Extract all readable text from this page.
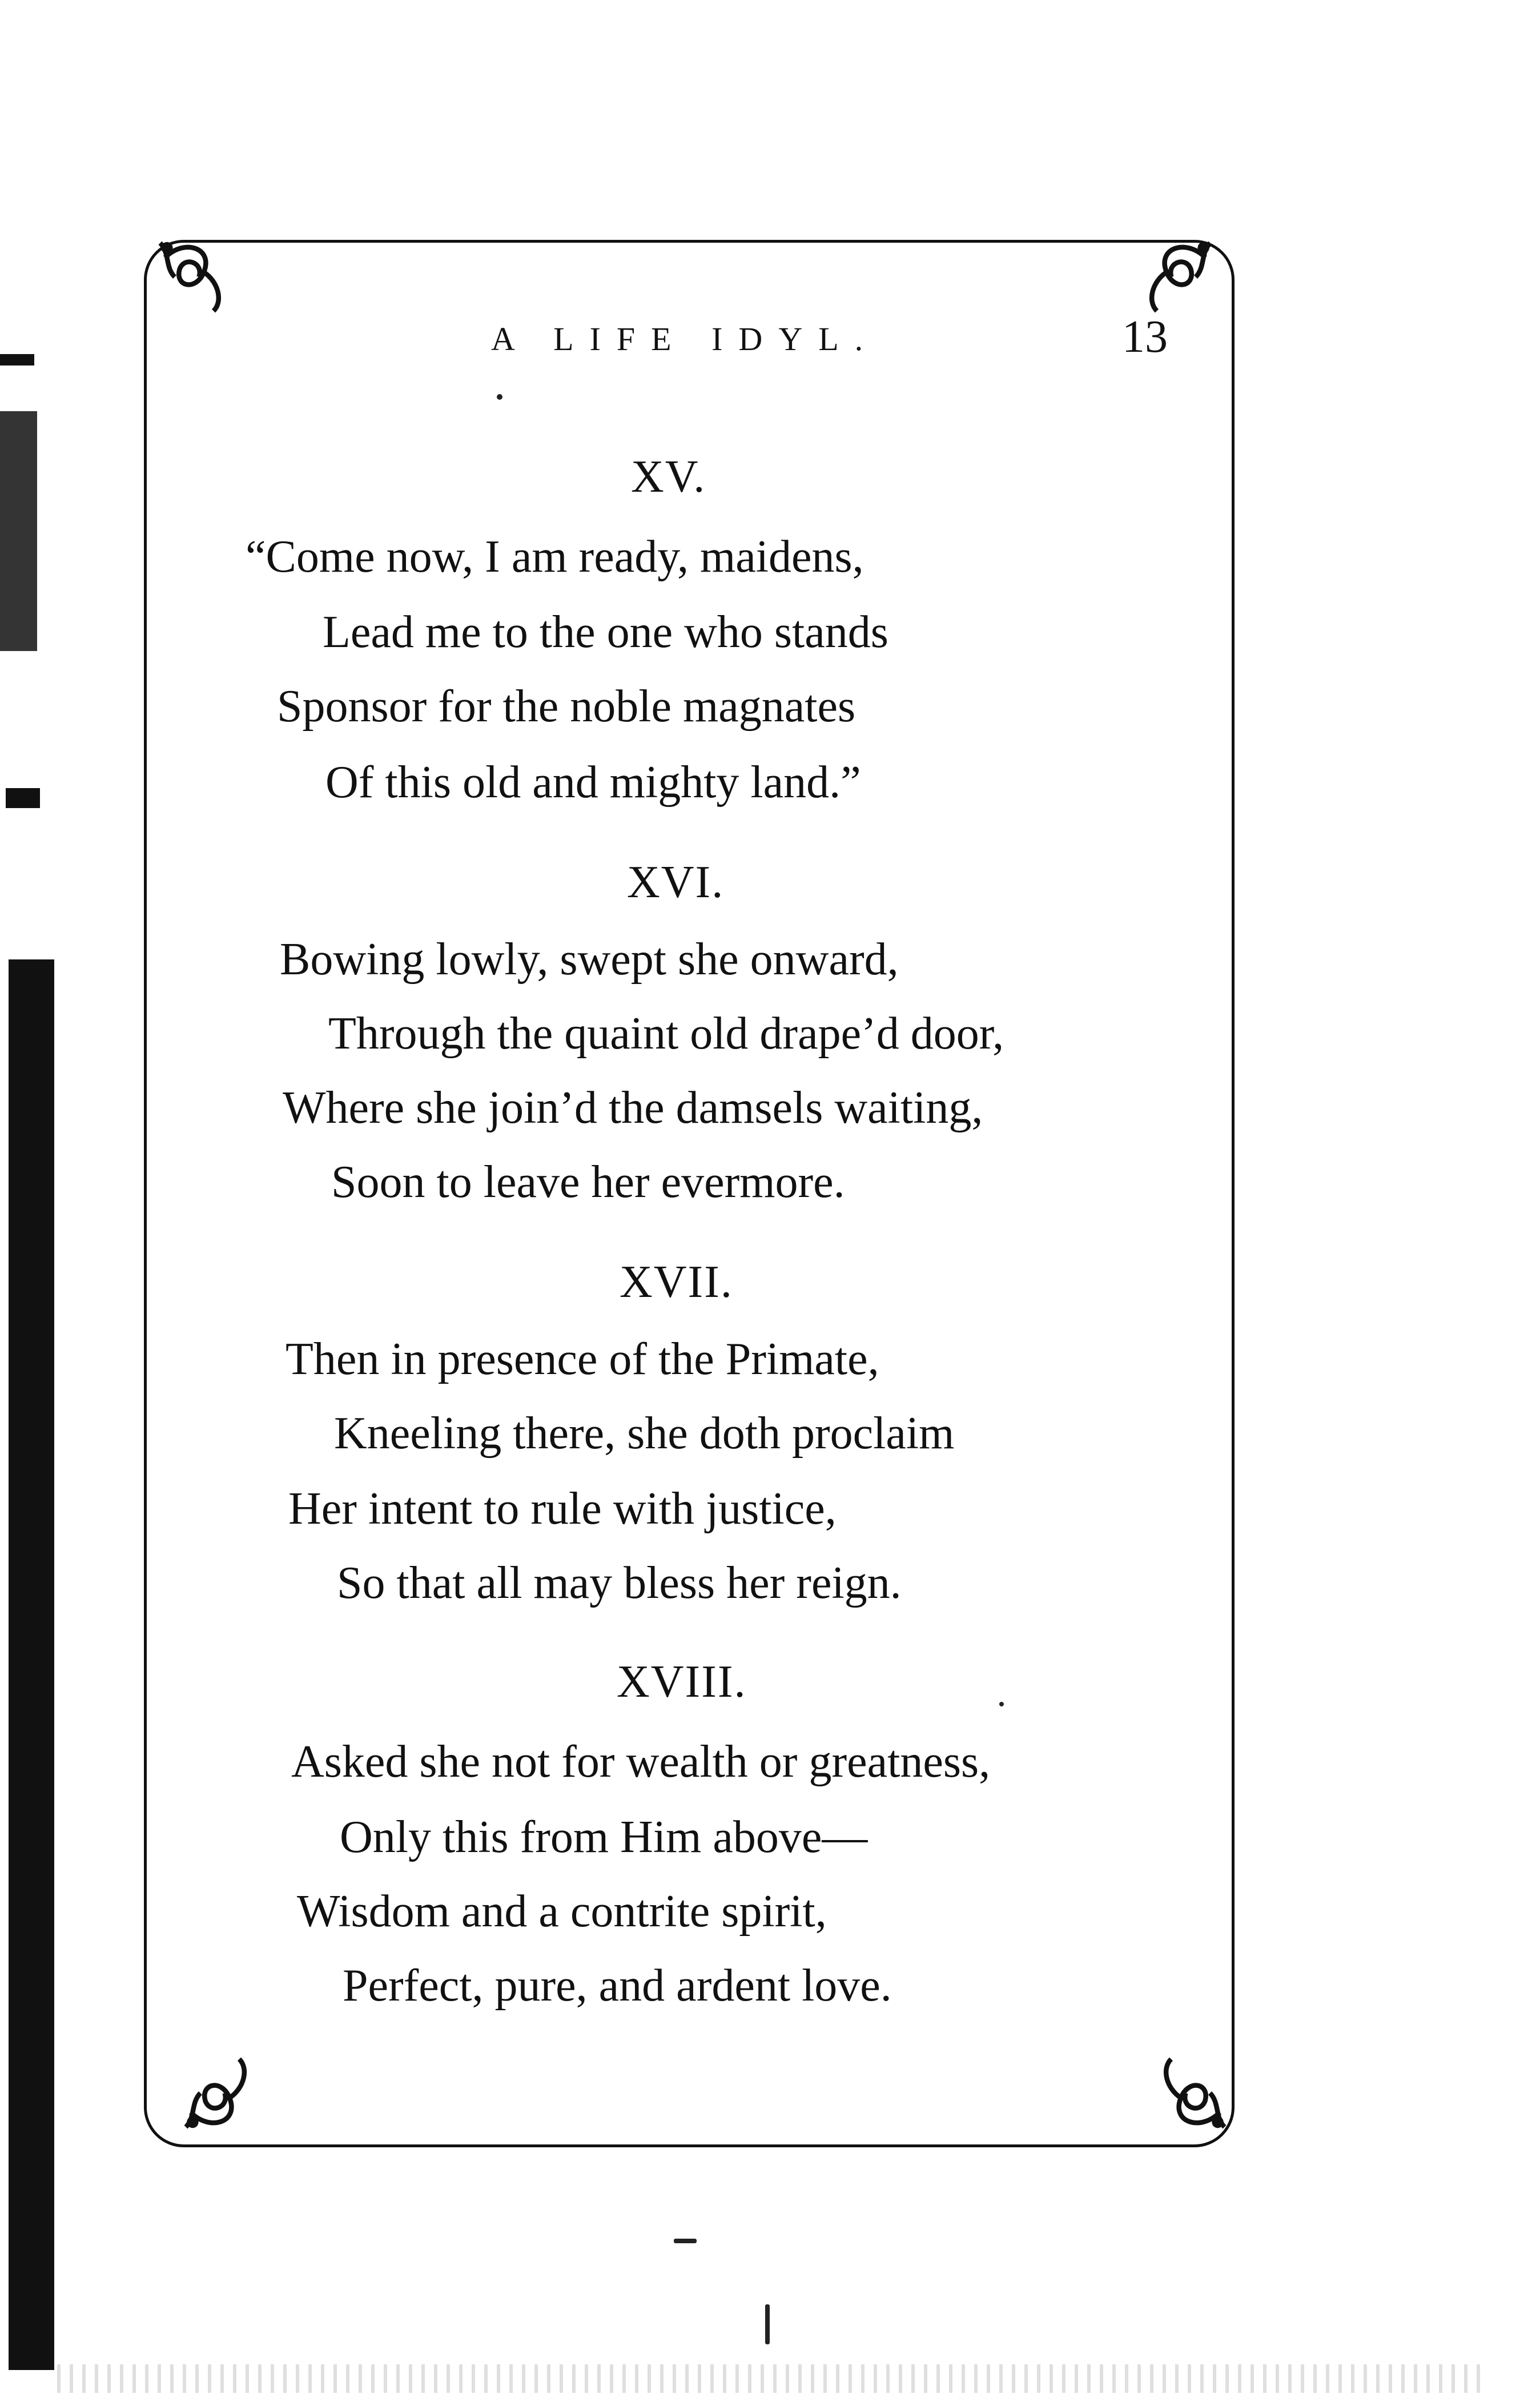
A LIFE IDYL.	13
XV.
“Come now, I am ready, maidens,
Lead me to the one who stands
Sponsor for the noble magnates
Of this old and mighty land.”
XVI.
Bowing lowly, swept she onward,
Through the quaint old drape’d door,
Where she join’d the damsels waiting,
Soon to leave her evermore.
XVII.
Then in presence of the Primate,
Kneeling there, she doth proclaim
Her intent to rule with justice,
So that all may bless her reign.
XVIII.
Asked she not for wealth or greatness,
Only this from Him above—
Wisdom and a contrite spirit,
Perfect, pure, and ardent love.
